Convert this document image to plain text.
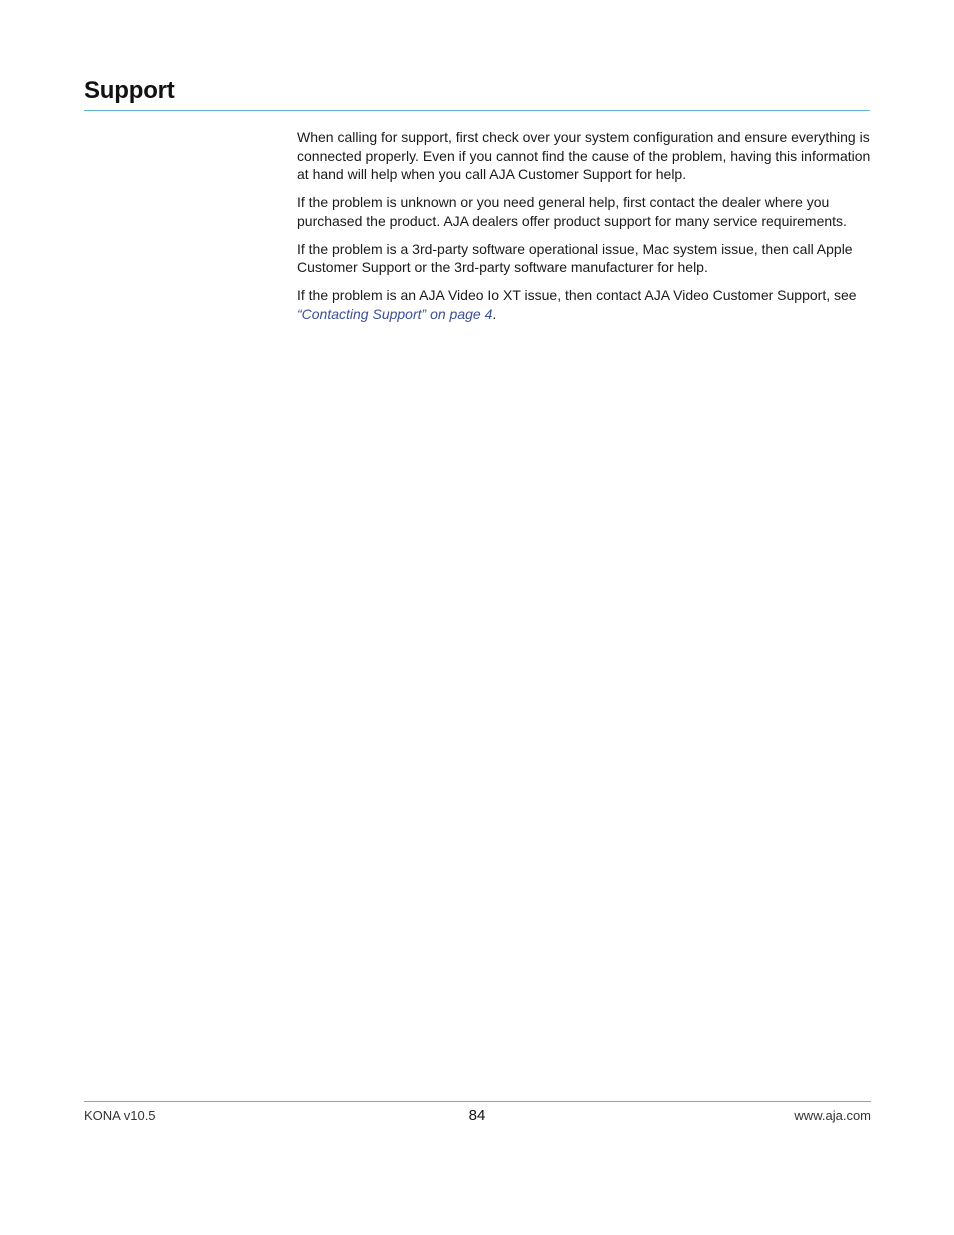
Support

When calling for support, first check over your system configuration and ensure everything is connected properly. Even if you cannot find the cause of the problem, having this information at hand will help when you call AJA Customer Support for help.

If the problem is unknown or you need general help, first contact the dealer where you purchased the product. AJA dealers offer product support for many service requirements.

If the problem is a 3rd-party software operational issue, Mac system issue, then call Apple Customer Support or the 3rd-party software manufacturer for help.

If the problem is an AJA Video Io XT issue, then contact AJA Video Customer Support, see “Contacting Support” on page 4.

KONA v10.5	84	www.aja.com
